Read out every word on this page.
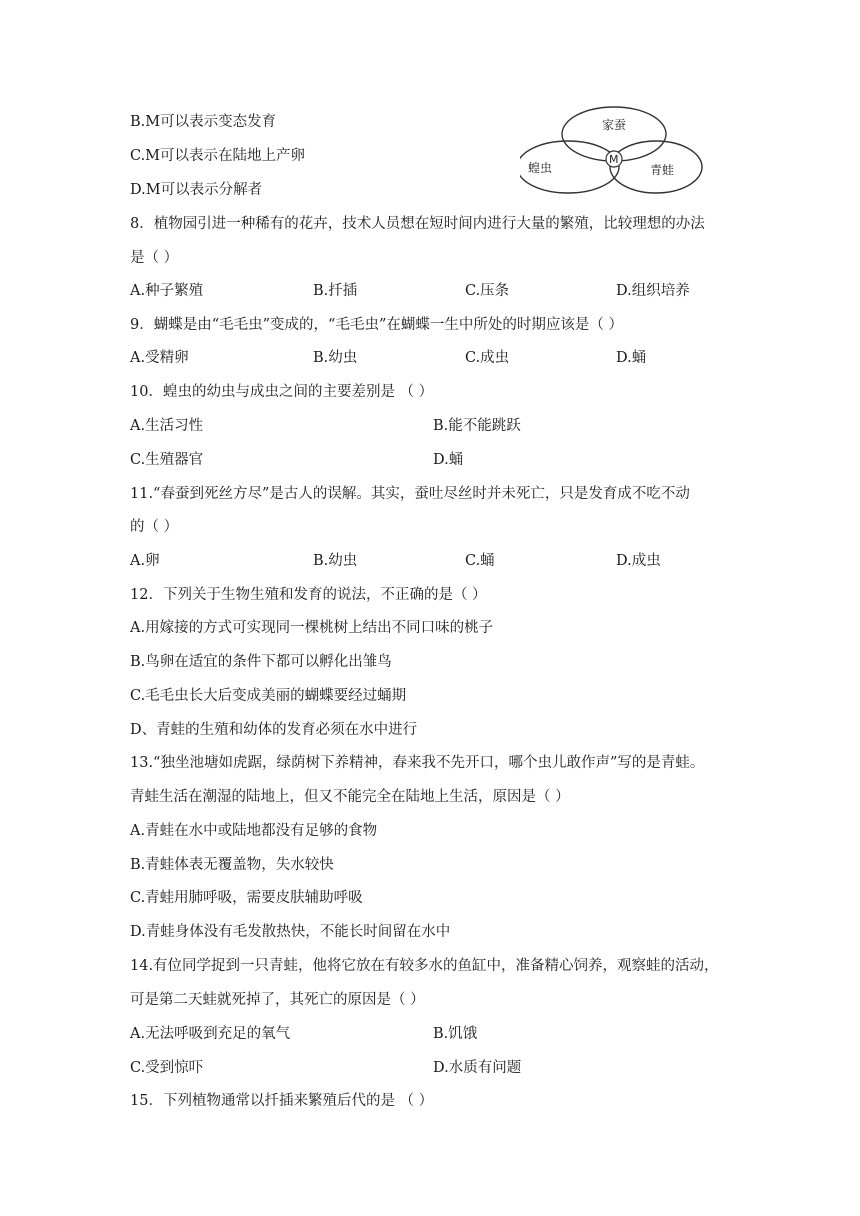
B.M可以表示变态发育
C.M可以表示在陆地上产卵
D.M可以表示分解者
家蚕
蝗虫	青蛙
M
8．植物园引进一种稀有的花卉，技术人员想在短时间内进行大量的繁殖，比较理想的办法
是（ ）
A.种子繁殖	B.扦插	C.压条	D.组织培养
9．蝴蝶是由“毛毛虫”变成的，“毛毛虫”在蝴蝶一生中所处的时期应该是（ ）
A.受精卵	B.幼虫	C.成虫	D.蛹
10．蝗虫的幼虫与成虫之间的主要差别是 （ ）
A.生活习性	B.能不能跳跃
C.生殖器官	D.蛹
11.“春蚕到死丝方尽”是古人的误解。其实，蚕吐尽丝时并未死亡，只是发育成不吃不动
的（ ）
A.卵	B.幼虫	C.蛹	D.成虫
12．下列关于生物生殖和发育的说法，不正确的是（ ）
A.用嫁接的方式可实现同一棵桃树上结出不同口味的桃子
B.鸟卵在适宜的条件下都可以孵化出雏鸟
C.毛毛虫长大后变成美丽的蝴蝶要经过蛹期
D、青蛙的生殖和幼体的发育必须在水中进行
13.“独坐池塘如虎踞，绿荫树下养精神，春来我不先开口，哪个虫儿敢作声”写的是青蛙。
青蛙生活在潮湿的陆地上，但又不能完全在陆地上生活，原因是（ ）
A.青蛙在水中或陆地都没有足够的食物
B.青蛙体表无覆盖物，失水较快
C.青蛙用肺呼吸，需要皮肤辅助呼吸
D.青蛙身体没有毛发散热快，不能长时间留在水中
14.有位同学捉到一只青蛙，他将它放在有较多水的鱼缸中，准备精心饲养，观察蛙的活动，
可是第二天蛙就死掉了，其死亡的原因是（ ）
A.无法呼吸到充足的氧气	B.饥饿
C.受到惊吓	D.水质有问题
15．下列植物通常以扦插来繁殖后代的是 （ ）
